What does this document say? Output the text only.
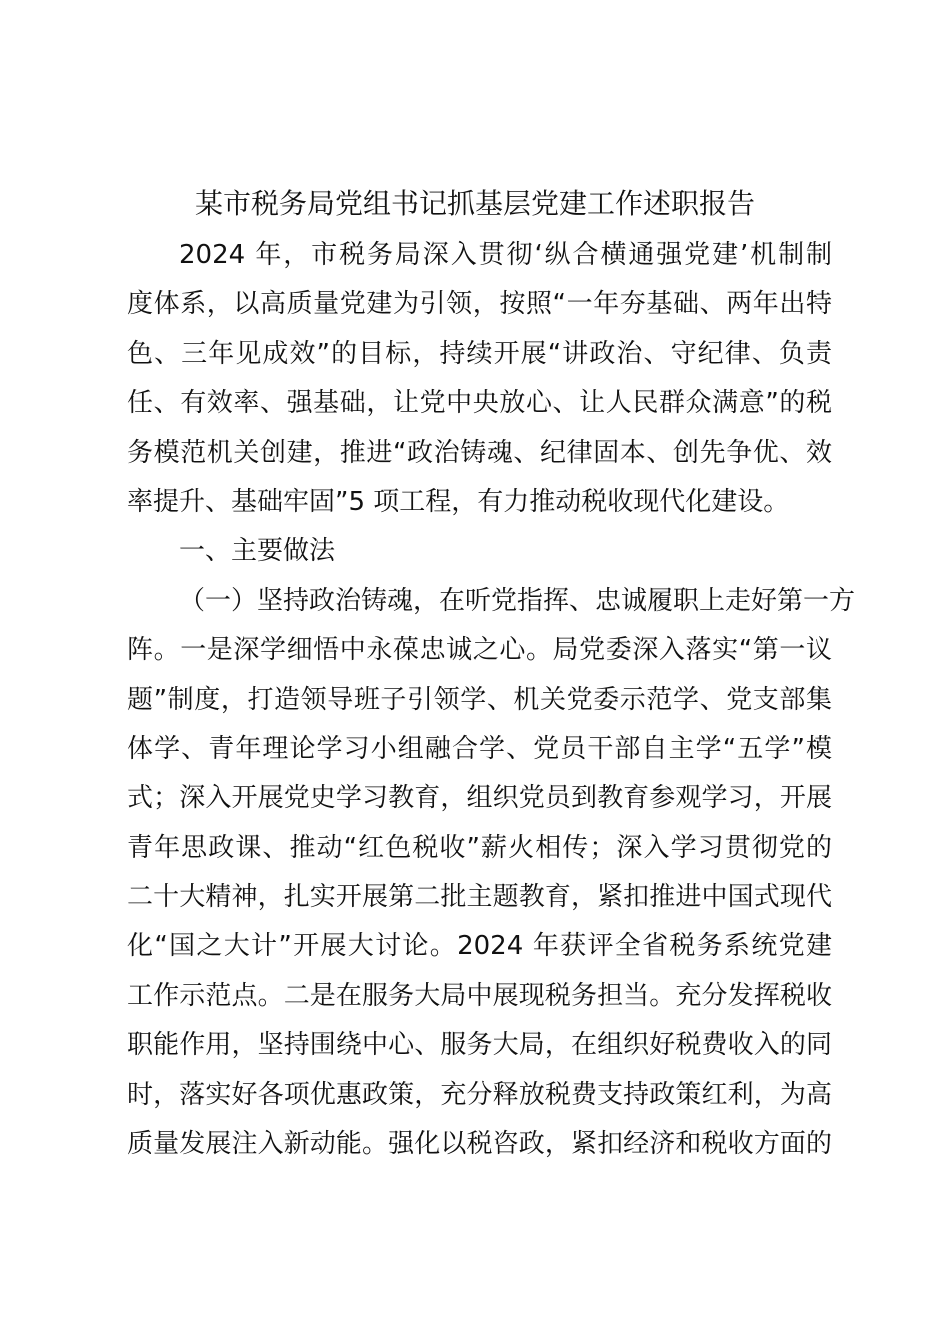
某市税务局党组书记抓基层党建工作述职报告
2024 年，市税务局深入贯彻‘纵合横通强党建’机制制
度体系，以高质量党建为引领，按照“一年夯基础、两年出特
色、三年见成效”的目标，持续开展“讲政治、守纪律、负责
任、有效率、强基础，让党中央放心、让人民群众满意”的税
务模范机关创建，推进“政治铸魂、纪律固本、创先争优、效
率提升、基础牢固”5 项工程，有力推动税收现代化建设。
一、主要做法
（一）坚持政治铸魂，在听党指挥、忠诚履职上走好第一方
阵。一是深学细悟中永葆忠诚之心。局党委深入落实“第一议
题”制度，打造领导班子引领学、机关党委示范学、党支部集
体学、青年理论学习小组融合学、党员干部自主学“五学”模
式；深入开展党史学习教育，组织党员到教育参观学习，开展
青年思政课、推动“红色税收”薪火相传；深入学习贯彻党的
二十大精神，扎实开展第二批主题教育，紧扣推进中国式现代
化“国之大计”开展大讨论。2024 年获评全省税务系统党建
工作示范点。二是在服务大局中展现税务担当。充分发挥税收
职能作用，坚持围绕中心、服务大局，在组织好税费收入的同
时，落实好各项优惠政策，充分释放税费支持政策红利，为高
质量发展注入新动能。强化以税咨政，紧扣经济和税收方面的
